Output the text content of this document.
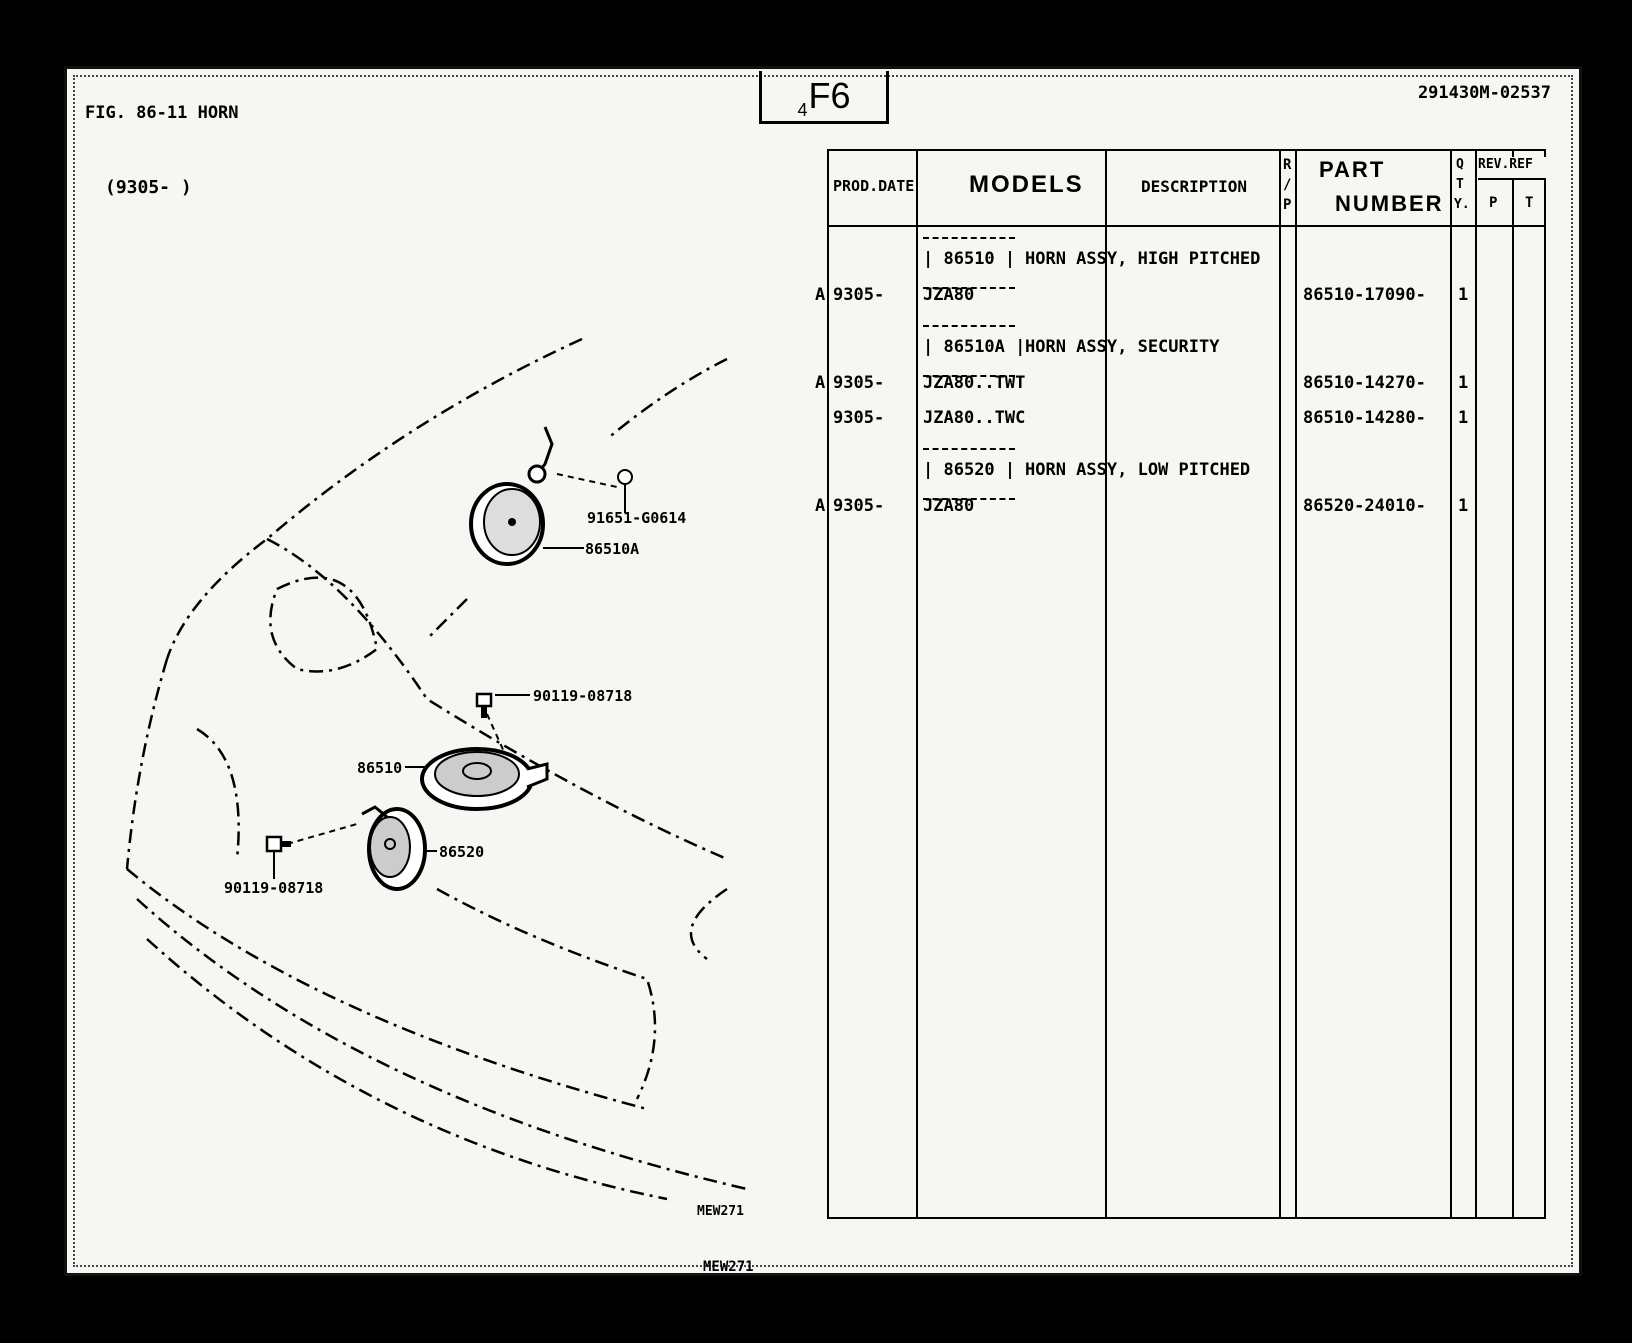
FIG. 86-11 HORN
(9305- )
$_4$F6	291430M-02537
91651-G0614
86510A
90119-08718
86510
86520
90119-08718
MEW271
PROD.DATE MODELS	DESCRIPTION
R
/
P
PART
NUMBER
Q
T
Y.
REV.REF
P T
| 86510 | HORN ASSY, HIGH PITCHED
A 9305- JZA80	86510-17090- 1
| 86510A | HORN ASSY, SECURITY
A 9305- JZA80..TWT	86510-14270- 1
9305- JZA80..TWC	86510-14280- 1
| 86520 | HORN ASSY, LOW PITCHED
A 9305- JZA80	86520-24010- 1
MEW271
